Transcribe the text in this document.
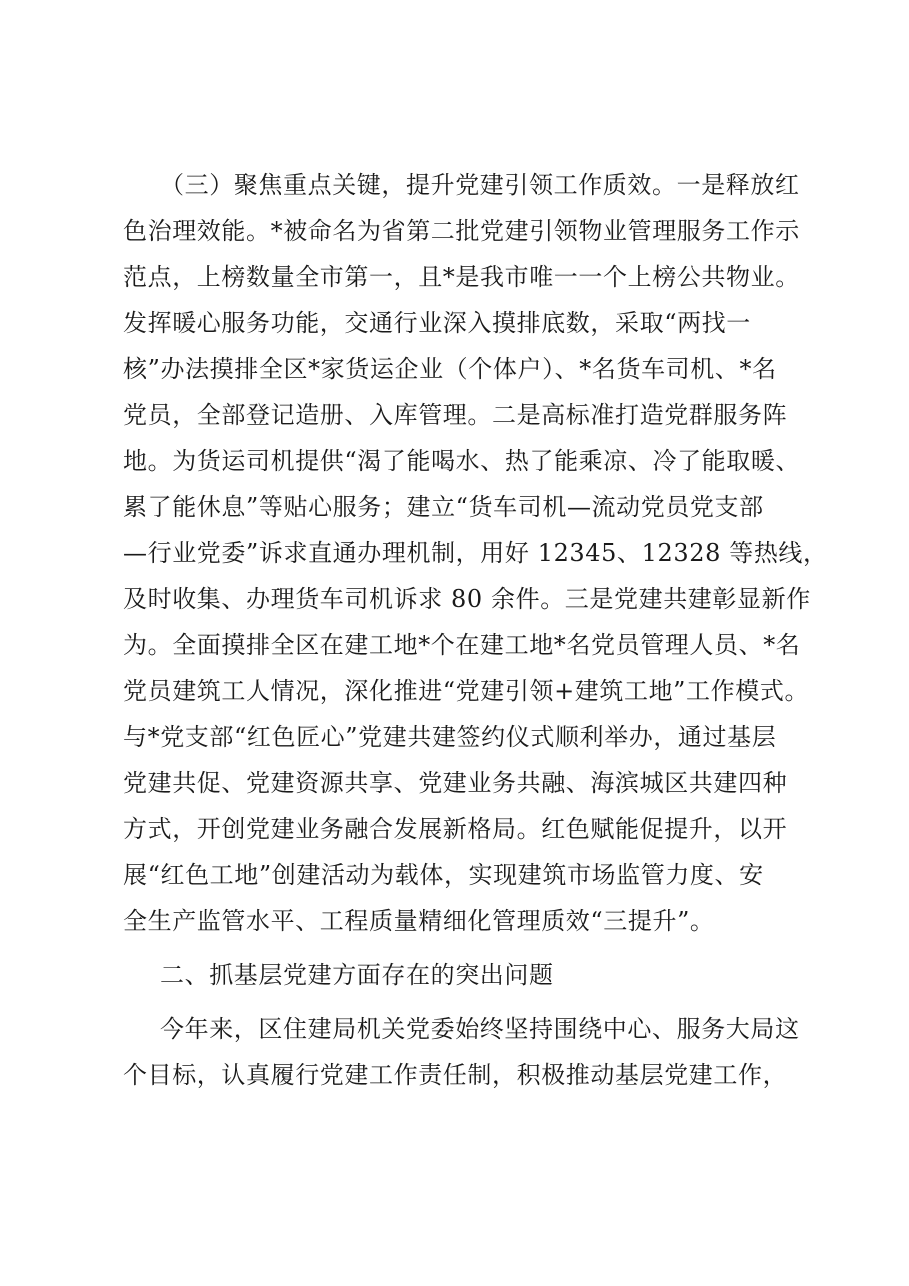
（三）聚焦重点关键，提升党建引领工作质效。一是释放红
色治理效能。*被命名为省第二批党建引领物业管理服务工作示
范点，上榜数量全市第一，且*是我市唯一一个上榜公共物业。
发挥暖心服务功能，交通行业深入摸排底数，采取“两找一
核”办法摸排全区*家货运企业（个体户）、*名货车司机、*名
党员，全部登记造册、入库管理。二是高标准打造党群服务阵
地。为货运司机提供“渴了能喝水、热了能乘凉、冷了能取暖、
累了能休息”等贴心服务；建立“货车司机—流动党员党支部
—行业党委”诉求直通办理机制，用好 12345、12328 等热线，
及时收集、办理货车司机诉求 80 余件。三是党建共建彰显新作
为。全面摸排全区在建工地*个在建工地*名党员管理人员、*名
党员建筑工人情况，深化推进“党建引领+建筑工地”工作模式。
与*党支部“红色匠心”党建共建签约仪式顺利举办，通过基层
党建共促、党建资源共享、党建业务共融、海滨城区共建四种
方式，开创党建业务融合发展新格局。红色赋能促提升，以开
展“红色工地”创建活动为载体，实现建筑市场监管力度、安
全生产监管水平、工程质量精细化管理质效“三提升”。
二、抓基层党建方面存在的突出问题
今年来，区住建局机关党委始终坚持围绕中心、服务大局这
个目标，认真履行党建工作责任制，积极推动基层党建工作，
